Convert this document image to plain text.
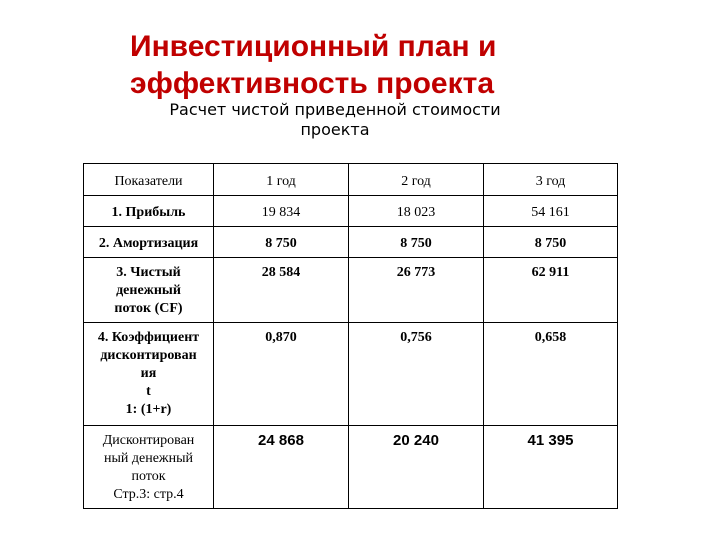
Инвестиционный план и
эффективность проекта
Расчет чистой приведенной стоимости
проекта
Показатели	1 год	2 год	3 год
1. Прибыль	19 834	18 023	54 161
2. Амортизация	8 750	8 750	8 750
3. Чистый
денежный
поток (CF)	28 584	26 773	62 911
4. Коэффициент
дисконтирован
ия
t
1: (1+r)	0,870	0,756	0,658
Дисконтирован
ный денежный
поток
Стр.3: стр.4	24 868	20 240	41 395
